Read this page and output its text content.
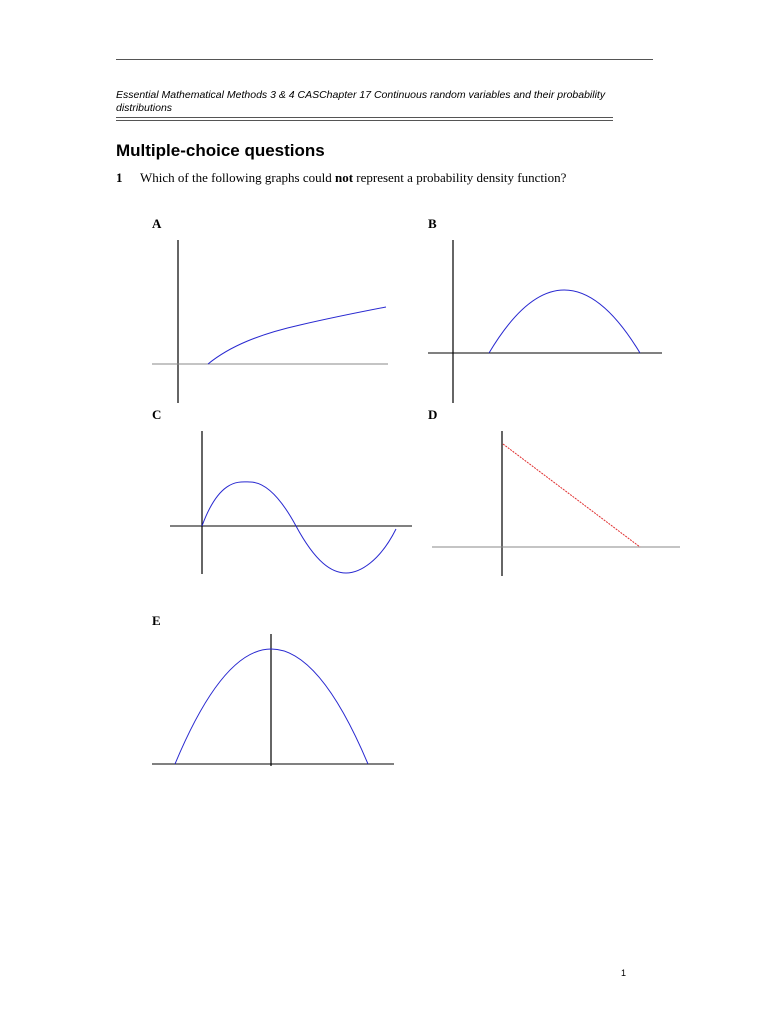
Essential Mathematical Methods 3 & 4 CASChapter 17 Continuous random variables and their probability distributions
Multiple-choice questions
1 Which of the following graphs could not represent a probability density function?
A	B
C	D
E
1
